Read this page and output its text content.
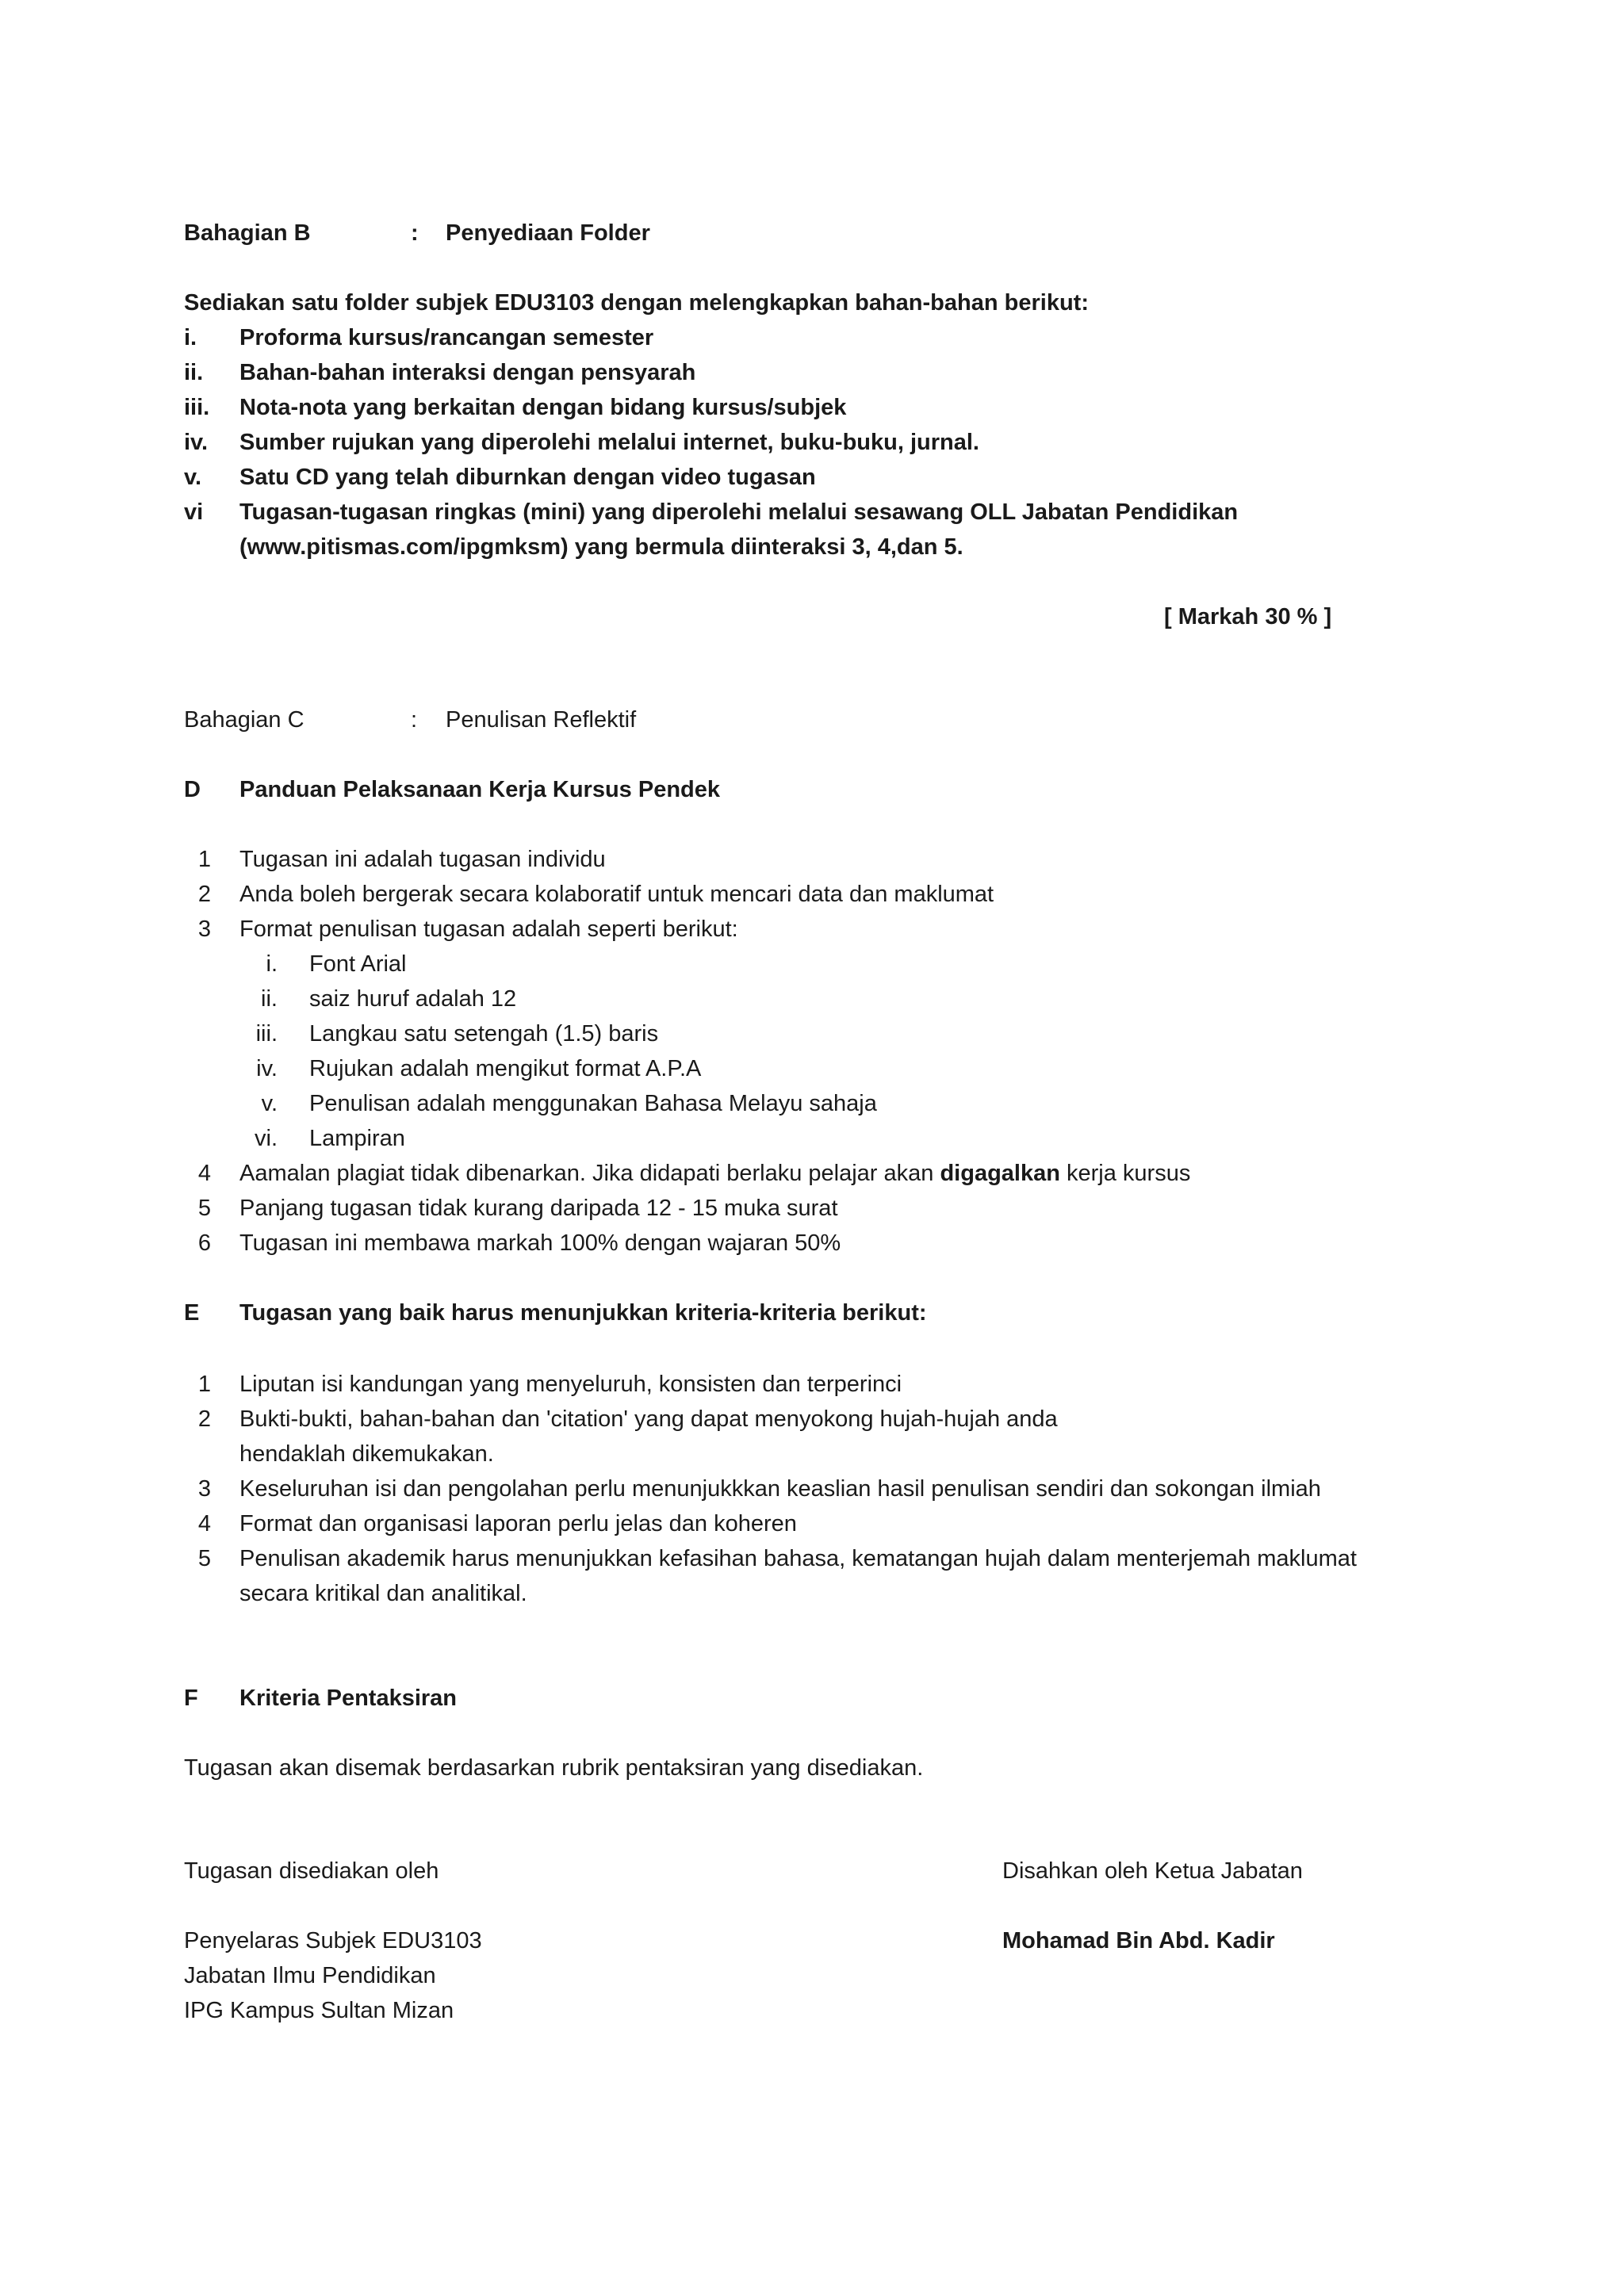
Bahagian B	: Penyediaan Folder
Sediakan satu folder subjek EDU3103 dengan melengkapkan bahan-bahan berikut:
i. Proforma kursus/rancangan semester
ii. Bahan-bahan interaksi dengan pensyarah
iii. Nota-nota yang berkaitan dengan bidang kursus/subjek
iv. Sumber rujukan yang diperolehi melalui internet, buku-buku, jurnal.
v. Satu CD yang telah diburnkan dengan video tugasan
vi Tugasan-tugasan ringkas (mini) yang diperolehi melalui sesawang OLL Jabatan Pendidikan
(www.pitismas.com/ipgmksm) yang bermula diinteraksi 3, 4,dan 5.
[ Markah 30 % ]
Bahagian C	: Penulisan Reflektif
D Panduan Pelaksanaan Kerja Kursus Pendek
1 Tugasan ini adalah tugasan individu
2 Anda boleh bergerak secara kolaboratif untuk mencari data dan maklumat
3 Format penulisan tugasan adalah seperti berikut:
i. Font Arial
ii. saiz huruf adalah 12
iii. Langkau satu setengah (1.5) baris
iv. Rujukan adalah mengikut format A.P.A
v. Penulisan adalah menggunakan Bahasa Melayu sahaja
vi. Lampiran
4 Aamalan plagiat tidak dibenarkan. Jika didapati berlaku pelajar akan digagalkan kerja kursus
5 Panjang tugasan tidak kurang daripada 12 - 15 muka surat
6 Tugasan ini membawa markah 100% dengan wajaran 50%
E Tugasan yang baik harus menunjukkan kriteria-kriteria berikut:
1 Liputan isi kandungan yang menyeluruh, konsisten dan terperinci
2 Bukti-bukti, bahan-bahan dan 'citation' yang dapat menyokong hujah-hujah anda
hendaklah dikemukakan.
3 Keseluruhan isi dan pengolahan perlu menunjukkkan keaslian hasil penulisan sendiri dan sokongan ilmiah
4 Format dan organisasi laporan perlu jelas dan koheren
5 Penulisan akademik harus menunjukkan kefasihan bahasa, kematangan hujah dalam menterjemah maklumat
secara kritikal dan analitikal.
F Kriteria Pentaksiran
Tugasan akan disemak berdasarkan rubrik pentaksiran yang disediakan.
Tugasan disediakan oleh	Disahkan oleh Ketua Jabatan
Penyelaras Subjek EDU3103	Mohamad Bin Abd. Kadir
Jabatan Ilmu Pendidikan
IPG Kampus Sultan Mizan
